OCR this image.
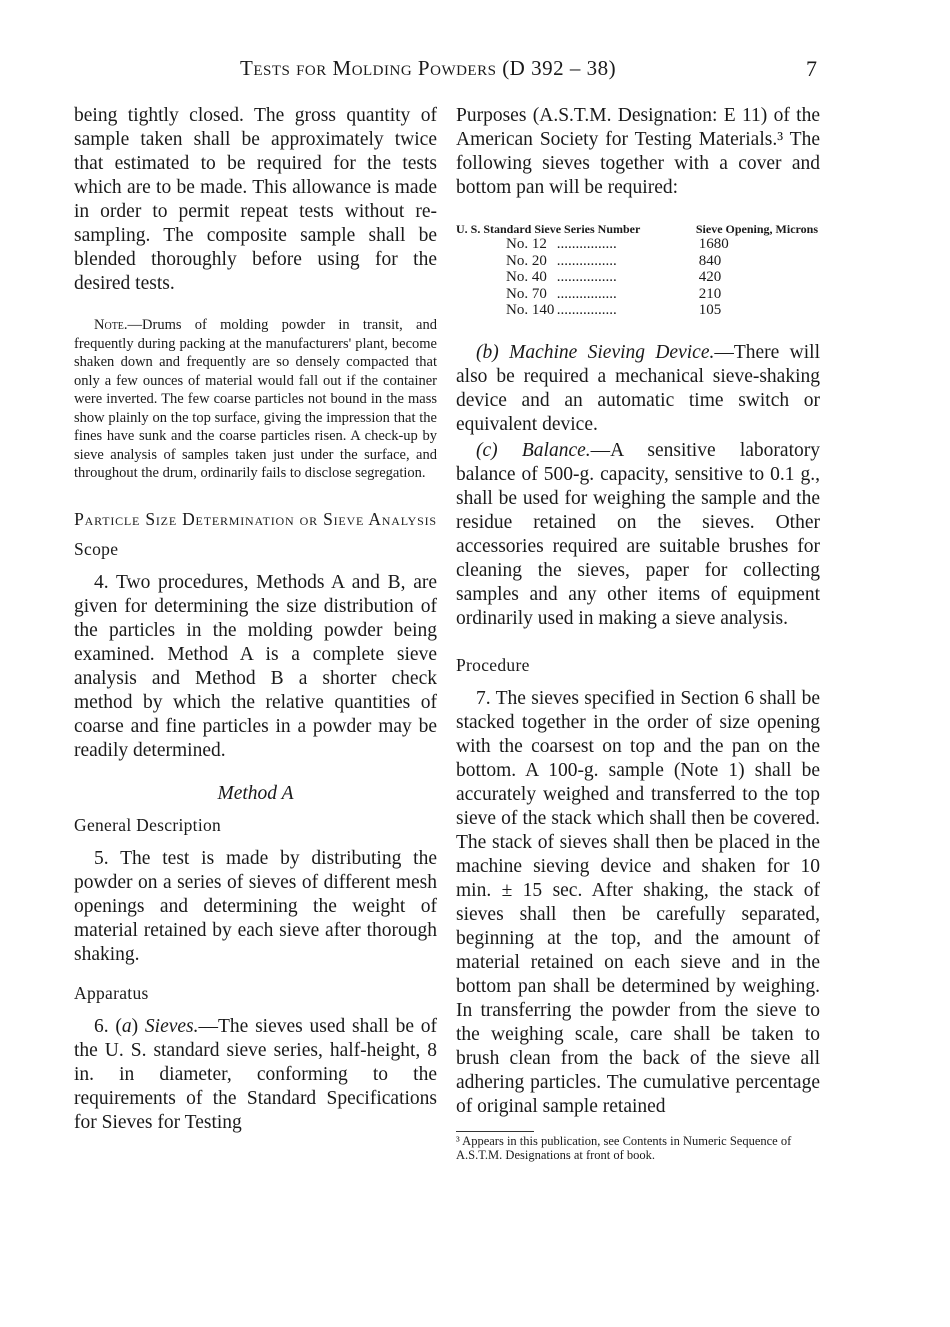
Tests for Molding Powders (D 392 – 38)	7

being tightly closed. The gross quantity of sample taken shall be approximately twice that estimated to be required for the tests which are to be made. This allowance is made in order to permit repeat tests without re-sampling. The composite sample shall be blended thoroughly before using for the desired tests.

Note.—Drums of molding powder in transit, and frequently during packing at the manufacturers' plant, become shaken down and frequently are so densely compacted that only a few ounces of material would fall out if the container were inverted. The few coarse particles not bound in the mass show plainly on the top surface, giving the impression that the fines have sunk and the coarse particles risen. A check-up by sieve analysis of samples taken just under the surface, and throughout the drum, ordinarily fails to disclose segregation.

Particle Size Determination or Sieve Analysis
Scope

4. Two procedures, Methods A and B, are given for determining the size distribution of the particles in the molding powder being examined. Method A is a complete sieve analysis and Method B a shorter check method by which the relative quantities of coarse and fine particles in a powder may be readily determined.

Method A
General Description

5. The test is made by distributing the powder on a series of sieves of different mesh openings and determining the weight of material retained by each sieve after thorough shaking.

Apparatus

6. (a) Sieves.—The sieves used shall be of the U. S. standard sieve series, half-height, 8 in. in diameter, conforming to the requirements of the Standard Specifications for Sieves for Testing

Purposes (A.S.T.M. Designation: E 11) of the American Society for Testing Materials.³ The following sieves together with a cover and bottom pan will be required:

U. S. Standard Sieve Series Number		Sieve Opening, Microns
No. 12	................	1680
No. 20	................	840
No. 40	................	420
No. 70	................	210
No. 140	................	105

(b) Machine Sieving Device.—There will also be required a mechanical sieve-shaking device and an automatic time switch or equivalent device.

(c) Balance.—A sensitive laboratory balance of 500-g. capacity, sensitive to 0.1 g., shall be used for weighing the sample and the residue retained on the sieves. Other accessories required are suitable brushes for cleaning the sieves, paper for collecting samples and any other items of equipment ordinarily used in making a sieve analysis.

Procedure

7. The sieves specified in Section 6 shall be stacked together in the order of size opening with the coarsest on top and the pan on the bottom. A 100-g. sample (Note 1) shall be accurately weighed and transferred to the top sieve of the stack which shall then be covered. The stack of sieves shall then be placed in the machine sieving device and shaken for 10 min. ± 15 sec. After shaking, the stack of sieves shall then be carefully separated, beginning at the top, and the amount of material retained on each sieve and in the bottom pan shall be determined by weighing. In transferring the powder from the sieve to the weighing scale, care shall be taken to brush clean from the back of the sieve all adhering particles. The cumulative percentage of original sample retained

³ Appears in this publication, see Contents in Numeric Sequence of A.S.T.M. Designations at front of book.
